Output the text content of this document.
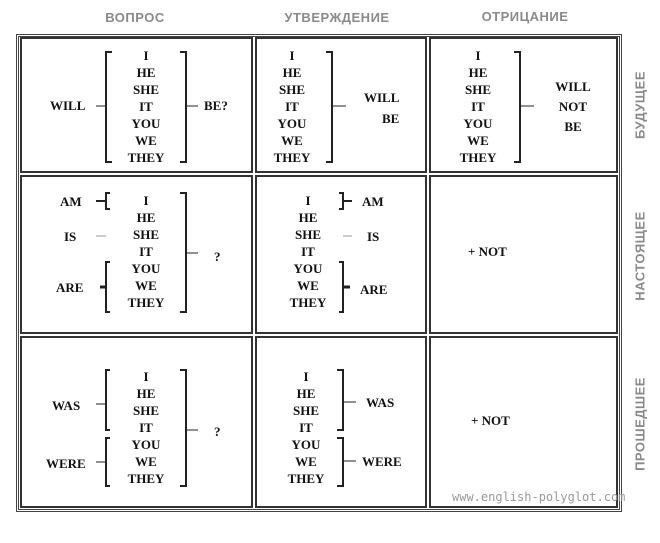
ВОПРОС	УТВЕРЖДЕНИЕ	ОТРИЦАНИЕ
БУДУЩЕЕ
НАСТОЯЩЕЕ
ПРОШЕДШЕЕ
WILL
I
HE
SHE
IT
YOU
WE
THEY
BE?
I
HE
SHE
IT
YOU
WE
THEY
WILL
BE
I
HE
SHE
IT
YOU
WE
THEY
WILL
NOT
BE
AM
IS
ARE
I
HE
SHE
IT
YOU
WE
THEY
?
I
HE
SHE
IT
YOU
WE
THEY
AM
IS
ARE
+ NOT
WAS
WERE
I
HE
SHE
IT
YOU
WE
THEY
?
I
HE
SHE
IT
YOU
WE
THEY
WAS
WERE
+ NOT
www.english-polyglot.com
